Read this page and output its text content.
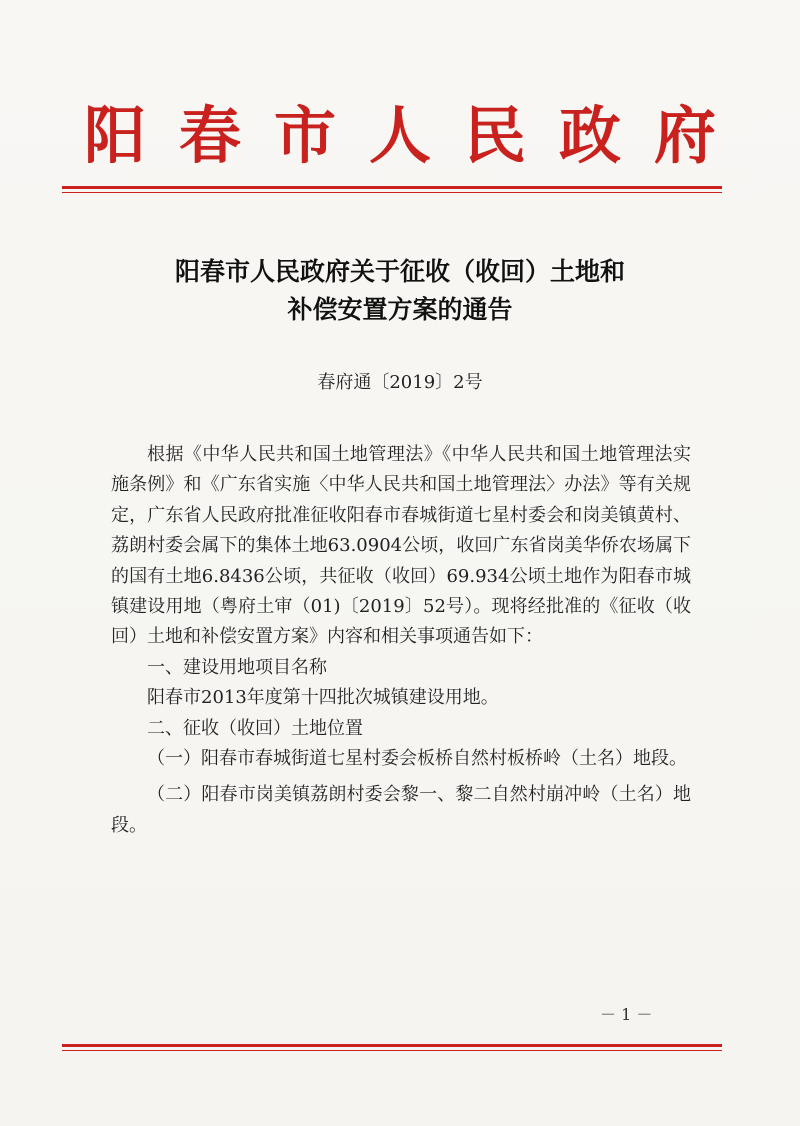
阳春市人民政府
阳春市人民政府关于征收（收回）土地和
补偿安置方案的通告
春府通〔2019〕2号

根据《中华人民共和国土地管理法》《中华人民共和国土地管理法实施条例》和《广东省实施〈中华人民共和国土地管理法〉办法》等有关规定，广东省人民政府批准征收阳春市春城街道七星村委会和岗美镇黄村、荔朗村委会属下的集体土地63.0904公顷，收回广东省岗美华侨农场属下的国有土地6.8436公顷，共征收（收回）69.934公顷土地作为阳春市城镇建设用地（粤府土审（01)〔2019〕52号）。现将经批准的《征收（收回）土地和补偿安置方案》内容和相关事项通告如下：

一、建设用地项目名称

阳春市2013年度第十四批次城镇建设用地。

二、征收（收回）土地位置

（一）阳春市春城街道七星村委会板桥自然村板桥岭（土名）地段。

（二）阳春市岗美镇荔朗村委会黎一、黎二自然村崩冲岭（土名）地段。

－ 1 －
